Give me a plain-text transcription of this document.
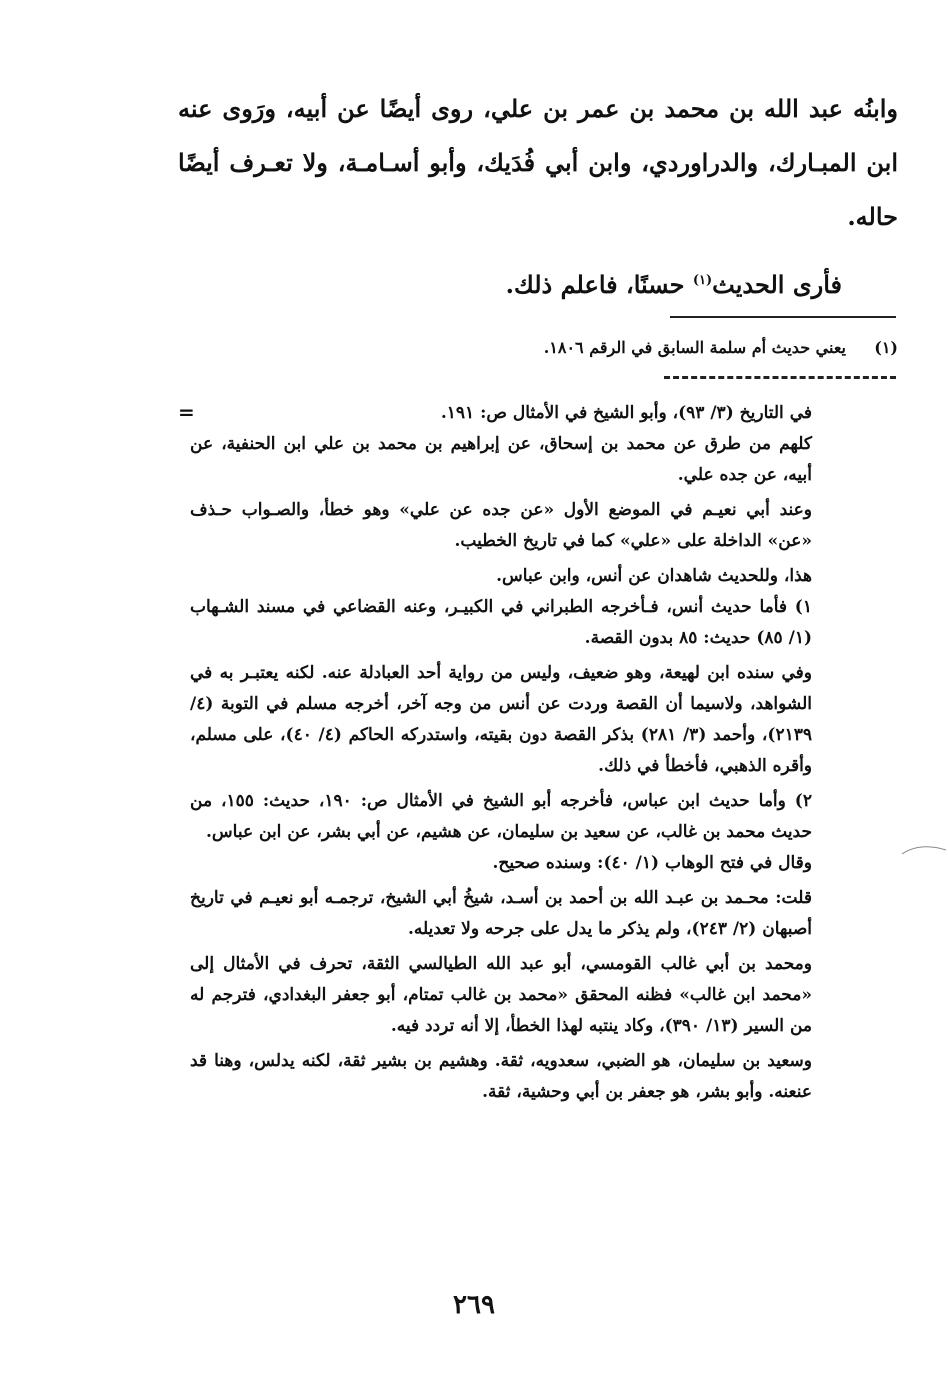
وابنُه عبد الله بن محمد بن عمر بن علي، روى أيضًا عن أبيه، ورَوى عنه ابن المبـارك، والدراوردي، وابن أبي فُدَيك، وأبو أسـامـة، ولا تعـرف أيضًا حاله.

فأرى الحديث$^{(١)}$ حسنًا، فاعلم ذلك.

(١)يعني حديث أم سلمة السابق في الرقم ١٨٠٦.
=	في التاريخ (٣/ ٩٣)، وأبو الشيخ في الأمثال ص: ١٩١.

كلهم من طرق عن محمد بن إسحاق، عن إبراهيم بن محمد بن علي ابن الحنفية، عن أبيه، عن جده علي.

وعند أبي نعيـم في الموضع الأول «عن جده عن علي» وهو خطأ، والصـواب حـذف «عن» الداخلة على «علي» كما في تاريخ الخطيب.

هذا، وللحديث شاهدان عن أنس، وابن عباس.

١) فأما حديث أنس، فـأخرجه الطبراني في الكبيـر، وعنه القضاعي في مسند الشـهاب (١/ ٨٥) حديث: ٨٥ بدون القصة.

وفي سنده ابن لهيعة، وهو ضعيف، وليس من رواية أحد العبادلة عنه. لكنه يعتبـر به في الشواهد، ولاسيما أن القصة وردت عن أنس من وجه آخر، أخرجه مسلم في التوبة (٤/ ٢١٣٩)، وأحمد (٣/ ٢٨١) بذكر القصة دون بقيته، واستدركه الحاكم (٤/ ٤٠)، على مسلم، وأقره الذهبي، فأخطأ في ذلك.

٢) وأما حديث ابن عباس، فأخرجه أبو الشيخ في الأمثال ص: ١٩٠، حديث: ١٥٥، من حديث محمد بن غالب، عن سعيد بن سليمان، عن هشيم، عن أبي بشر، عن ابن عباس.

وقال في فتح الوهاب (١/ ٤٠): وسنده صحيح.

قلت: محـمد بن عبـد الله بن أحمد بن أسـد، شيخُ أبي الشيخ، ترجمـه أبو نعيـم في تاريخ أصبهان (٢/ ٢٤٣)، ولم يذكر ما يدل على جرحه ولا تعديله.

ومحمد بن أبي غالب القومسي، أبو عبد الله الطيالسي الثقة، تحرف في الأمثال إلى «محمد ابن غالب» فظنه المحقق «محمد بن غالب تمتام، أبو جعفر البغدادي، فترجم له من السير (١٣/ ٣٩٠)، وكاد ينتبه لهذا الخطأ، إلا أنه تردد فيه.

وسعيد بن سليمان، هو الضبي، سعدويه، ثقة. وهشيم بن بشير ثقة، لكنه يدلس، وهنا قد عنعنه. وأبو بشر، هو جعفر بن أبي وحشية، ثقة.

٢٦٩
